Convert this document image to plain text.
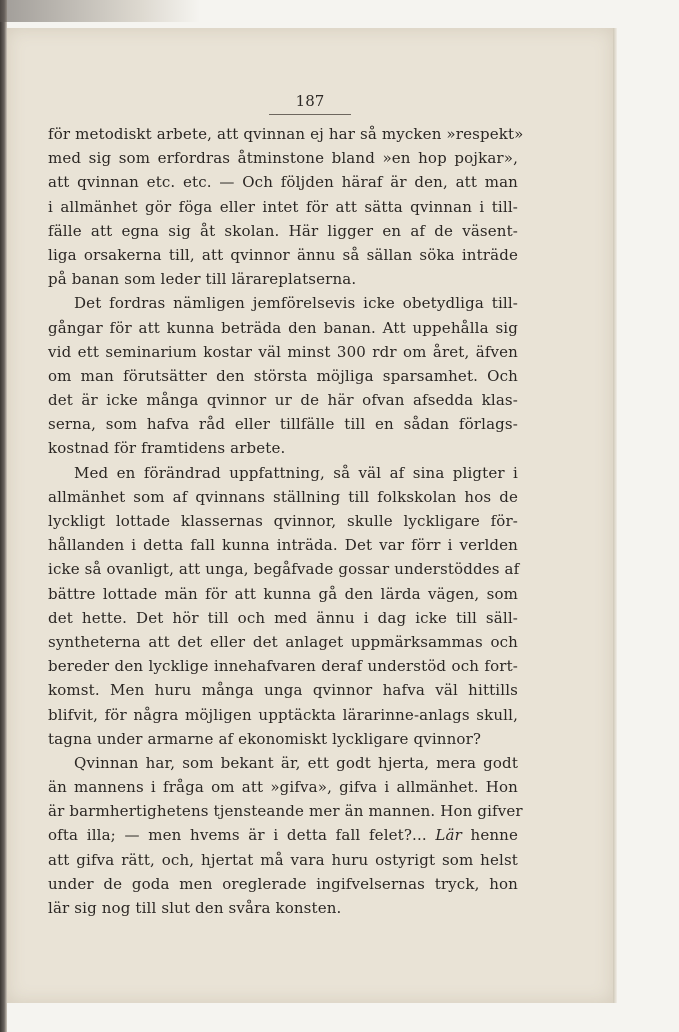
187
för metodiskt arbete, att qvinnan ej har så mycken »respekt»
med sig som erfordras åtminstone bland »en hop pojkar»,
att qvinnan etc. etc. — Och följden häraf är den, att man
i allmänhet gör föga eller intet för att sätta qvinnan i till-
fälle att egna sig åt skolan. Här ligger en af de väsent-
liga orsakerna till, att qvinnor ännu så sällan söka inträde
på banan som leder till lärareplatserna.
Det fordras nämligen jemförelsevis icke obetydliga till-
gångar för att kunna beträda den banan. Att uppehålla sig
vid ett seminarium kostar väl minst 300 rdr om året, äfven
om man förutsätter den största möjliga sparsamhet. Och
det är icke många qvinnor ur de här ofvan afsedda klas-
serna, som hafva råd eller tillfälle till en sådan förlags-
kostnad för framtidens arbete.
Med en förändrad uppfattning, så väl af sina pligter i
allmänhet som af qvinnans ställning till folkskolan hos de
lyckligt lottade klassernas qvinnor, skulle lyckligare för-
hållanden i detta fall kunna inträda. Det var förr i verlden
icke så ovanligt, att unga, begåfvade gossar understöddes af
bättre lottade män för att kunna gå den lärda vägen, som
det hette. Det hör till och med ännu i dag icke till säll-
syntheterna att det eller det anlaget uppmärksammas och
bereder den lycklige innehafvaren deraf understöd och fort-
komst. Men huru många unga qvinnor hafva väl hittills
blifvit, för några möjligen upptäckta lärarinne-anlags skull,
tagna under armarne af ekonomiskt lyckligare qvinnor?
Qvinnan har, som bekant är, ett godt hjerta, mera godt
än mannens i fråga om att »gifva», gifva i allmänhet. Hon
är barmhertighetens tjensteande mer än mannen. Hon gifver
ofta illa; — men hvems är i detta fall felet?... Lär henne
att gifva rätt, och, hjertat må vara huru ostyrigt som helst
under de goda men oreglerade ingifvelsernas tryck, hon
lär sig nog till slut den svåra konsten.
